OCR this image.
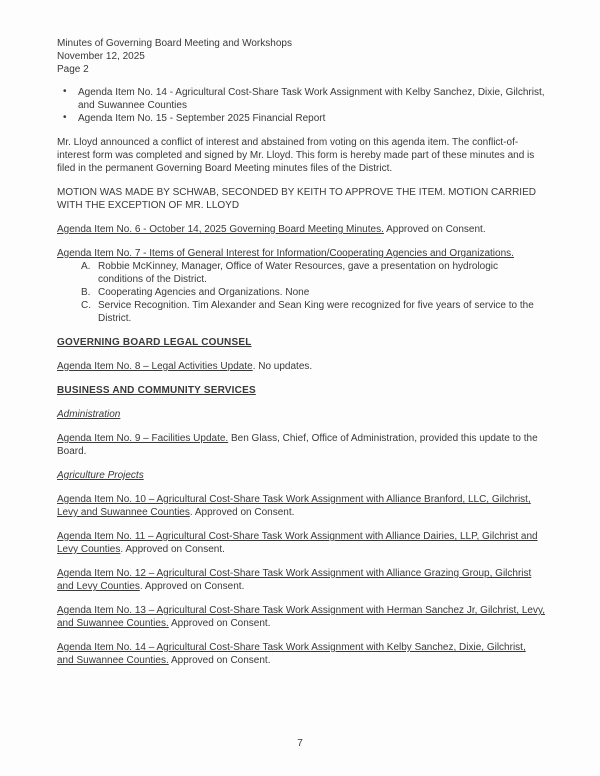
Minutes of Governing Board Meeting and Workshops
November 12, 2025
Page 2
• Agenda Item No. 14 - Agricultural Cost-Share Task Work Assignment with Kelby Sanchez, Dixie, Gilchrist, and Suwannee Counties
• Agenda Item No. 15 - September 2025 Financial Report
Mr. Lloyd announced a conflict of interest and abstained from voting on this agenda item. The conflict-of-interest form was completed and signed by Mr. Lloyd. This form is hereby made part of these minutes and is filed in the permanent Governing Board Meeting minutes files of the District.
MOTION WAS MADE BY SCHWAB, SECONDED BY KEITH TO APPROVE THE ITEM. MOTION CARRIED WITH THE EXCEPTION OF MR. LLOYD
Agenda Item No. 6 - October 14, 2025 Governing Board Meeting Minutes. Approved on Consent.
Agenda Item No. 7 - Items of General Interest for Information/Cooperating Agencies and Organizations.
A. Robbie McKinney, Manager, Office of Water Resources, gave a presentation on hydrologic conditions of the District.
B. Cooperating Agencies and Organizations. None
C. Service Recognition. Tim Alexander and Sean King were recognized for five years of service to the District.
GOVERNING BOARD LEGAL COUNSEL
Agenda Item No. 8 – Legal Activities Update. No updates.
BUSINESS AND COMMUNITY SERVICES
Administration
Agenda Item No. 9 – Facilities Update. Ben Glass, Chief, Office of Administration, provided this update to the Board.
Agriculture Projects
Agenda Item No. 10 – Agricultural Cost-Share Task Work Assignment with Alliance Branford, LLC, Gilchrist, Levy and Suwannee Counties. Approved on Consent.
Agenda Item No. 11 – Agricultural Cost-Share Task Work Assignment with Alliance Dairies, LLP, Gilchrist and Levy Counties. Approved on Consent.
Agenda Item No. 12 – Agricultural Cost-Share Task Work Assignment with Alliance Grazing Group, Gilchrist and Levy Counties. Approved on Consent.
Agenda Item No. 13 – Agricultural Cost-Share Task Work Assignment with Herman Sanchez Jr, Gilchrist, Levy, and Suwannee Counties. Approved on Consent.
Agenda Item No. 14 – Agricultural Cost-Share Task Work Assignment with Kelby Sanchez, Dixie, Gilchrist, and Suwannee Counties. Approved on Consent.
7
